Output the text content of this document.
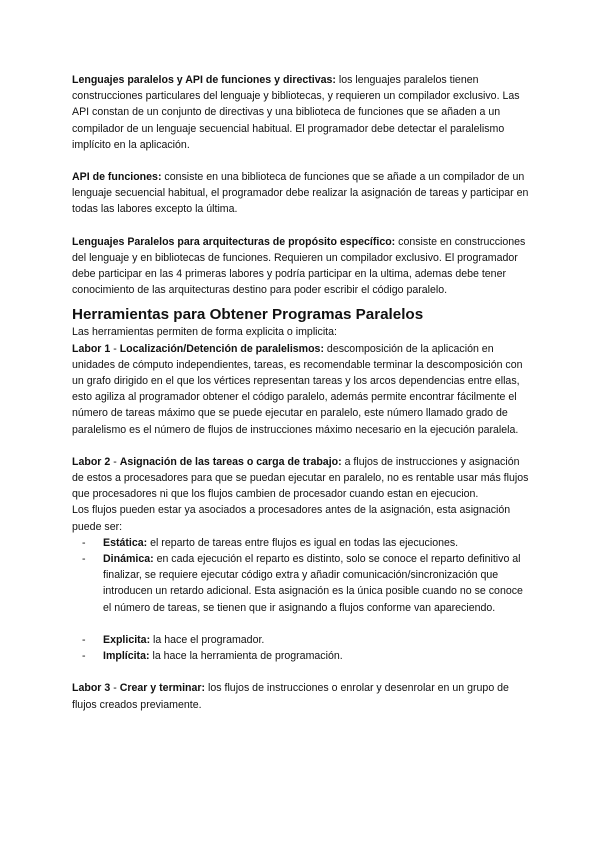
Lenguajes paralelos y API de funciones y directivas: los lenguajes paralelos tienen construcciones particulares del lenguaje y bibliotecas, y requieren un compilador exclusivo. Las API constan de un conjunto de directivas y una biblioteca de funciones que se añaden a un compilador de un lenguaje secuencial habitual. El programador debe detectar el paralelismo implícito en la aplicación.

API de funciones: consiste en una biblioteca de funciones que se añade a un compilador de un lenguaje secuencial habitual, el programador debe realizar la asignación de tareas y participar en todas las labores excepto la última.

Lenguajes Paralelos para arquitecturas de propósito específico: consiste en construcciones del lenguaje y en bibliotecas de funciones. Requieren un compilador exclusivo. El programador debe participar en las 4 primeras labores y podría participar en la ultima, ademas debe tener conocimiento de las arquitecturas destino para poder escribir el código paralelo.

Herramientas para Obtener Programas Paralelos

Las herramientas permiten de forma explicita o implicita:

Labor 1 - Localización/Detención de paralelismos: descomposición de la aplicación en unidades de cómputo independientes, tareas, es recomendable terminar la descomposición con un grafo dirigido en el que los vértices representan tareas y los arcos dependencias entre ellas, esto agiliza al programador obtener el código paralelo, además permite encontrar fácilmente el número de tareas máximo que se puede ejecutar en paralelo, este número llamado grado de paralelismo es el número de flujos de instrucciones máximo necesario en la ejecución paralela.

Labor 2 - Asignación de las tareas o carga de trabajo: a flujos de instrucciones y asignación de estos a procesadores para que se puedan ejecutar en paralelo, no es rentable usar más flujos que procesadores ni que los flujos cambien de procesador cuando estan en ejecucion.

Los flujos pueden estar ya asociados a procesadores antes de la asignación, esta asignación puede ser:

- Estática: el reparto de tareas entre flujos es igual en todas las ejecuciones.
- Dinámica: en cada ejecución el reparto es distinto, solo se conoce el reparto definitivo al finalizar, se requiere ejecutar código extra y añadir comunicación/sincronización que introducen un retardo adicional. Esta asignación es la única posible cuando no se conoce el número de tareas, se tienen que ir asignando a flujos conforme van apareciendo.
- Explicita: la hace el programador.
- Implícita: la hace la herramienta de programación.

Labor 3 - Crear y terminar: los flujos de instrucciones o enrolar y desenrolar en un grupo de flujos creados previamente.
